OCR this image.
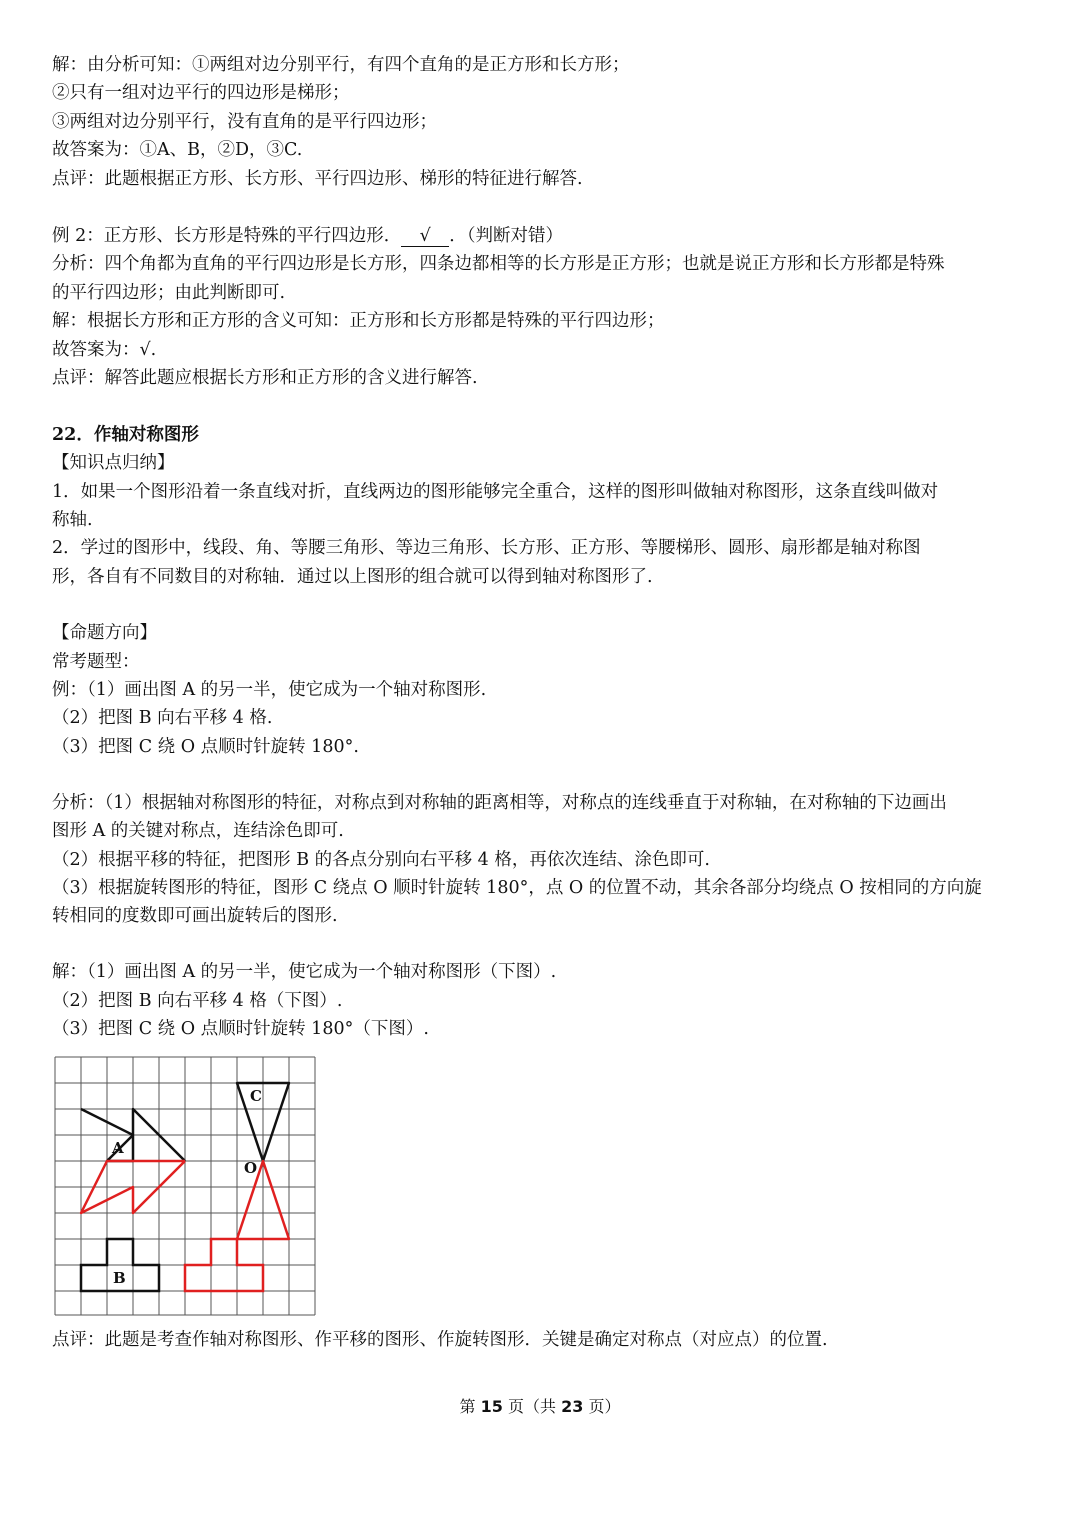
解：由分析可知：①两组对边分别平行，有四个直角的是正方形和长方形；
②只有一组对边平行的四边形是梯形；
③两组对边分别平行，没有直角的是平行四边形；
故答案为：①A、B，②D，③C.
点评：此题根据正方形、长方形、平行四边形、梯形的特征进行解答.
例 2：正方形、长方形是特殊的平行四边形． √ ．（判断对错）
分析：四个角都为直角的平行四边形是长方形，四条边都相等的长方形是正方形；也就是说正方形和长方形都是特殊
的平行四边形；由此判断即可.
解：根据长方形和正方形的含义可知：正方形和长方形都是特殊的平行四边形；
故答案为：√.
点评：解答此题应根据长方形和正方形的含义进行解答.
22．作轴对称图形
【知识点归纳】
1．如果一个图形沿着一条直线对折，直线两边的图形能够完全重合，这样的图形叫做轴对称图形，这条直线叫做对
称轴.
2．学过的图形中，线段、角、等腰三角形、等边三角形、长方形、正方形、等腰梯形、圆形、扇形都是轴对称图
形，各自有不同数目的对称轴．通过以上图形的组合就可以得到轴对称图形了.
【命题方向】
常考题型：
例：（1）画出图 A 的另一半，使它成为一个轴对称图形.
（2）把图 B 向右平移 4 格.
（3）把图 C 绕 O 点顺时针旋转 180°.
分析：（1）根据轴对称图形的特征，对称点到对称轴的距离相等，对称点的连线垂直于对称轴，在对称轴的下边画出
图形 A 的关键对称点，连结涂色即可.
（2）根据平移的特征，把图形 B 的各点分别向右平移 4 格，再依次连结、涂色即可.
（3）根据旋转图形的特征，图形 C 绕点 O 顺时针旋转 180°，点 O 的位置不动，其余各部分均绕点 O 按相同的方向旋
转相同的度数即可画出旋转后的图形.
解：（1）画出图 A 的另一半，使它成为一个轴对称图形（下图）.
（2）把图 B 向右平移 4 格（下图）.
（3）把图 C 绕 O 点顺时针旋转 180°（下图）.
A
B
C
O
点评：此题是考查作轴对称图形、作平移的图形、作旋转图形．关键是确定对称点（对应点）的位置.
第 15 页（共 23 页）
